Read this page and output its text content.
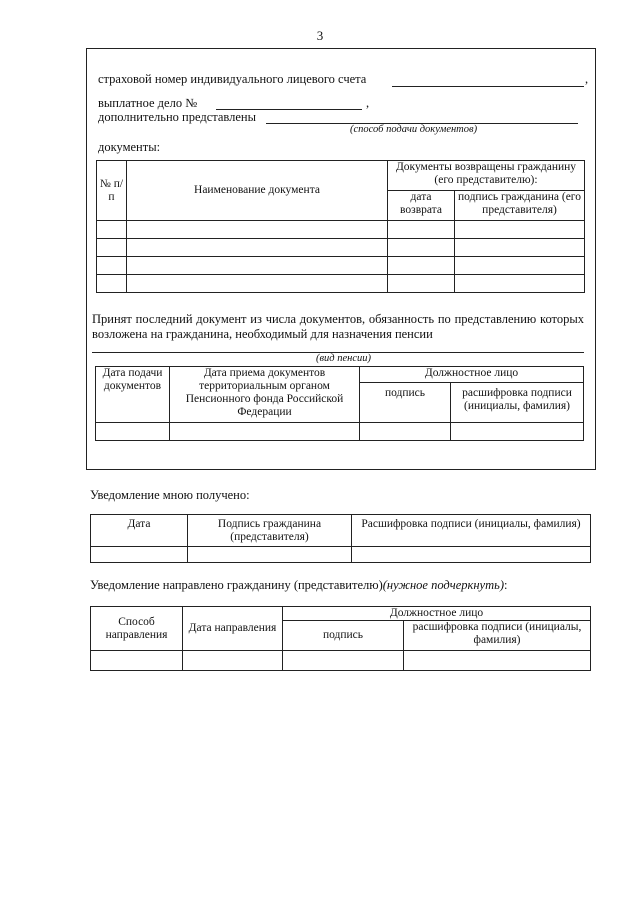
3
страховой номер индивидуального лицевого счета	,
выплатное дело №	,
дополнительно представлены
(способ подачи документов)
документы:
№ п/п	Наименование документа	Документы возвращены гражданину (его представителю):	
		дата возврата	подпись гражданина (его представителя)

Принят последний документ из числа документов, обязанность по представлению которых возложена на гражданина, необходимый для назначения пенсии
(вид пенсии)
Дата подачи документов	Дата приема документов территориальным органом Пенсионного фонда Российской Федерации	Должностное лицо	
		подпись	расшифровка подписи (инициалы, фамилия)

Уведомление мною получено:
Дата	Подпись гражданина (представителя)	Расшифровка подписи (инициалы, фамилия)

Уведомление направлено гражданину (представителю)(нужное подчеркнуть):
Способ направления	Дата направления	Должностное лицо	
		подпись	расшифровка подписи (инициалы, фамилия)
